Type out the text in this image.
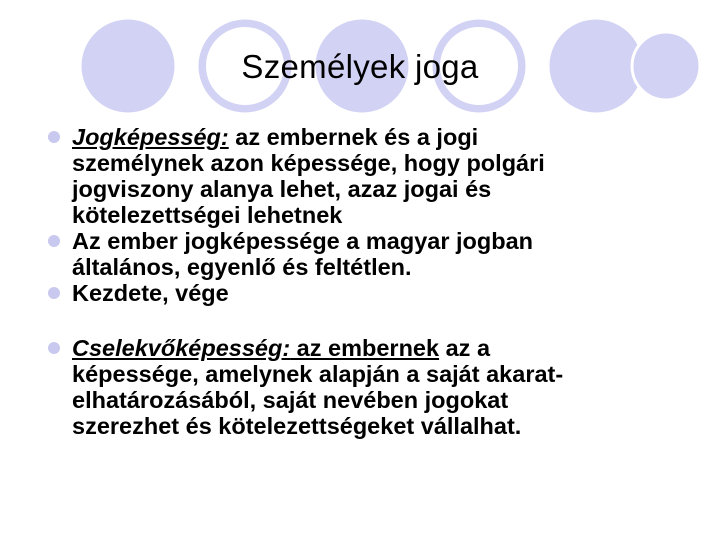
Személyek joga

Jogképesség: az embernek és a jogi
személynek azon képessége, hogy polgári
jogviszony alanya lehet, azaz jogai és
kötelezettségei lehetnek

Az ember jogképessége a magyar jogban
általános, egyenlő és feltétlen.

Kezdete, vége

Cselekvőképesség: az embernek az a
képessége, amelynek alapján a saját akarat-
elhatározásából, saját nevében jogokat
szerezhet és kötelezettségeket vállalhat.
